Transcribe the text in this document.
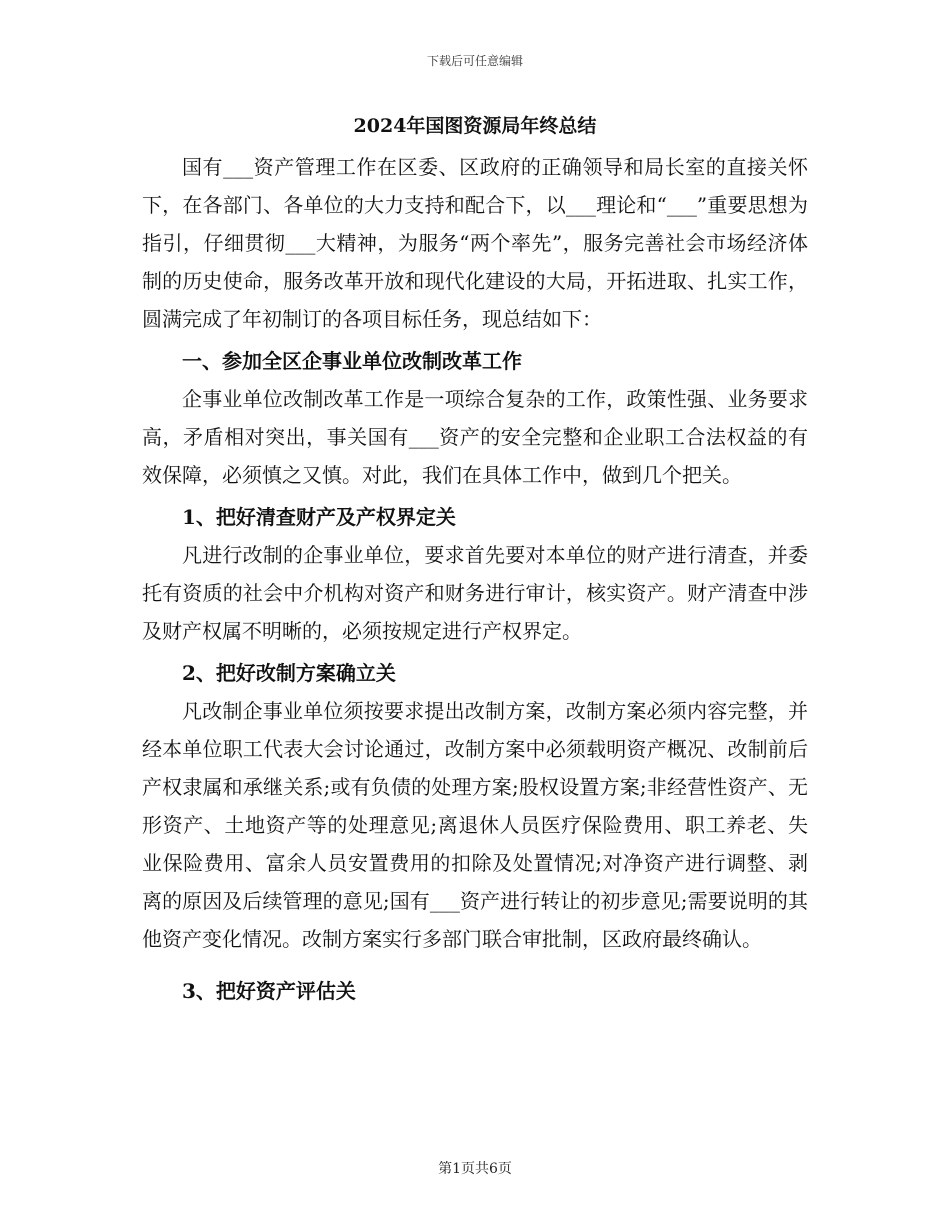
下载后可任意编辑
2024年国图资源局年终总结

国有___资产管理工作在区委、区政府的正确领导和局长室的直接关怀下，在各部门、各单位的大力支持和配合下，以___理论和“___”重要思想为指引，仔细贯彻___大精神，为服务“两个率先”，服务完善社会市场经济体制的历史使命，服务改革开放和现代化建设的大局，开拓进取、扎实工作，圆满完成了年初制订的各项目标任务，现总结如下：

一、参加全区企事业单位改制改革工作

企事业单位改制改革工作是一项综合复杂的工作，政策性强、业务要求高，矛盾相对突出，事关国有___资产的安全完整和企业职工合法权益的有效保障，必须慎之又慎。对此，我们在具体工作中，做到几个把关。

1、把好清查财产及产权界定关

凡进行改制的企事业单位，要求首先要对本单位的财产进行清查，并委托有资质的社会中介机构对资产和财务进行审计，核实资产。财产清查中涉及财产权属不明晰的，必须按规定进行产权界定。

2、把好改制方案确立关

凡改制企事业单位须按要求提出改制方案，改制方案必须内容完整，并经本单位职工代表大会讨论通过，改制方案中必须载明资产概况、改制前后产权隶属和承继关系;或有负债的处理方案;股权设置方案;非经营性资产、无形资产、土地资产等的处理意见;离退休人员医疗保险费用、职工养老、失业保险费用、富余人员安置费用的扣除及处置情况;对净资产进行调整、剥离的原因及后续管理的意见;国有___资产进行转让的初步意见;需要说明的其他资产变化情况。改制方案实行多部门联合审批制，区政府最终确认。

3、把好资产评估关

第1页共6页
